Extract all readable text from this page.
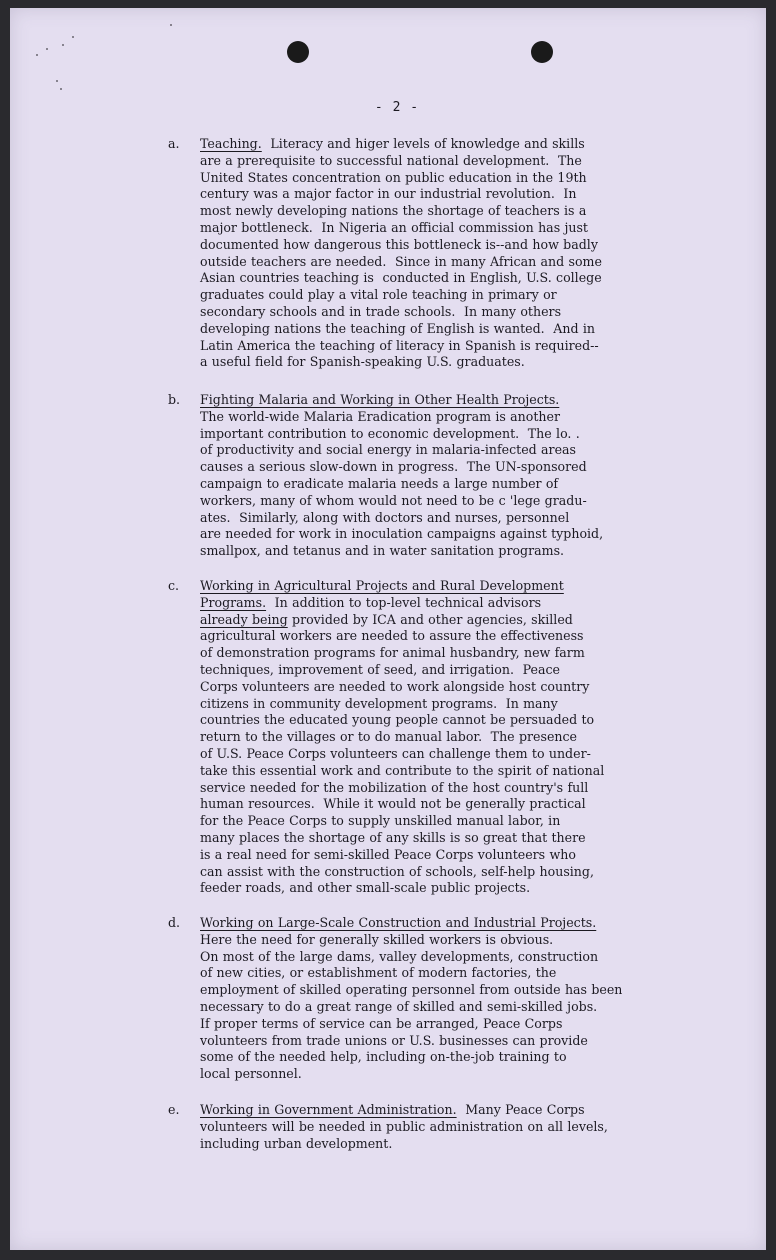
- 2 -
a. Teaching.  Literacy and higer levels of knowledge and skills
are a prerequisite to successful national development.  The
United States concentration on public education in the 19th
century was a major factor in our industrial revolution.  In
most newly developing nations the shortage of teachers is a
major bottleneck.  In Nigeria an official commission has just
documented how dangerous this bottleneck is--and how badly
outside teachers are needed.  Since in many African and some
Asian countries teaching is  conducted in English, U.S. college
graduates could play a vital role teaching in primary or
secondary schools and in trade schools.  In many others
developing nations the teaching of English is wanted.  And in
Latin America the teaching of literacy in Spanish is required--
a useful field for Spanish-speaking U.S. graduates.
b. Fighting Malaria and Working in Other Health Projects.
The world-wide Malaria Eradication program is another
important contribution to economic development.  The lo. .
of productivity and social energy in malaria-infected areas
causes a serious slow-down in progress.  The UN-sponsored
campaign to eradicate malaria needs a large number of
workers, many of whom would not need to be c 'lege gradu-
ates.  Similarly, along with doctors and nurses, personnel
are needed for work in inoculation campaigns against typhoid,
smallpox, and tetanus and in water sanitation programs.
c. Working in Agricultural Projects and Rural Development
Programs.  In addition to top-level technical advisors
already being provided by ICA and other agencies, skilled
agricultural workers are needed to assure the effectiveness
of demonstration programs for animal husbandry, new farm
techniques, improvement of seed, and irrigation.  Peace
Corps volunteers are needed to work alongside host country
citizens in community development programs.  In many
countries the educated young people cannot be persuaded to
return to the villages or to do manual labor.  The presence
of U.S. Peace Corps volunteers can challenge them to under-
take this essential work and contribute to the spirit of national
service needed for the mobilization of the host country's full
human resources.  While it would not be generally practical
for the Peace Corps to supply unskilled manual labor, in
many places the shortage of any skills is so great that there
is a real need for semi-skilled Peace Corps volunteers who
can assist with the construction of schools, self-help housing,
feeder roads, and other small-scale public projects.
d. Working on Large-Scale Construction and Industrial Projects.
Here the need for generally skilled workers is obvious.
On most of the large dams, valley developments, construction
of new cities, or establishment of modern factories, the
employment of skilled operating personnel from outside has been
necessary to do a great range of skilled and semi-skilled jobs.
If proper terms of service can be arranged, Peace Corps
volunteers from trade unions or U.S. businesses can provide
some of the needed help, including on-the-job training to
local personnel.
e. Working in Government Administration.  Many Peace Corps
volunteers will be needed in public administration on all levels,
including urban development.
